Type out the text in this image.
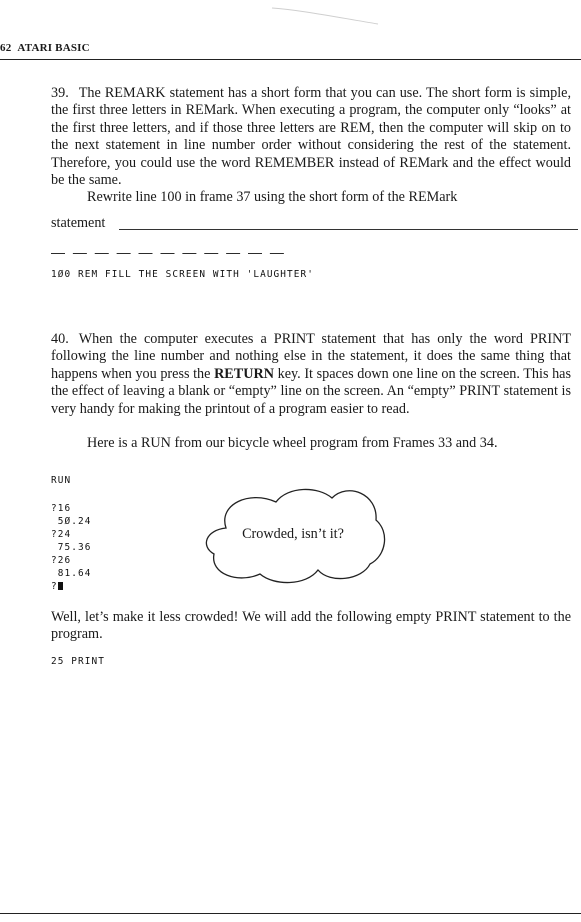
62 ATARI BASIC

39. The REMARK statement has a short form that you can use. The short form is simple, the first three letters in REMark. When executing a program, the computer only “looks” at the first three letters, and if those three letters are REM, then the computer will skip on to the next statement in line number order without considering the rest of the statement. Therefore, you could use the word REMEMBER instead of REMark and the effect would be the same.

Rewrite line 100 in frame 37 using the short form of the REMark

statement
— — — — — — — — — — —
1Ø0 REM FILL THE SCREEN WITH 'LAUGHTER'

40. When the computer executes a PRINT statement that has only the word PRINT following the line number and nothing else in the statement, it does the same thing that happens when you press the RETURN key. It spaces down one line on the screen. This has the effect of leaving a blank or “empty” line on the screen. An “empty” PRINT statement is very handy for making the printout of a program easier to read.

Here is a RUN from our bicycle wheel program from Frames 33 and 34.

RUN
?16
5Ø.24
?24
75.36
?26
81.64
?
Crowded, isn’t it?

Well, let’s make it less crowded! We will add the following empty PRINT statement to the program.

25 PRINT
